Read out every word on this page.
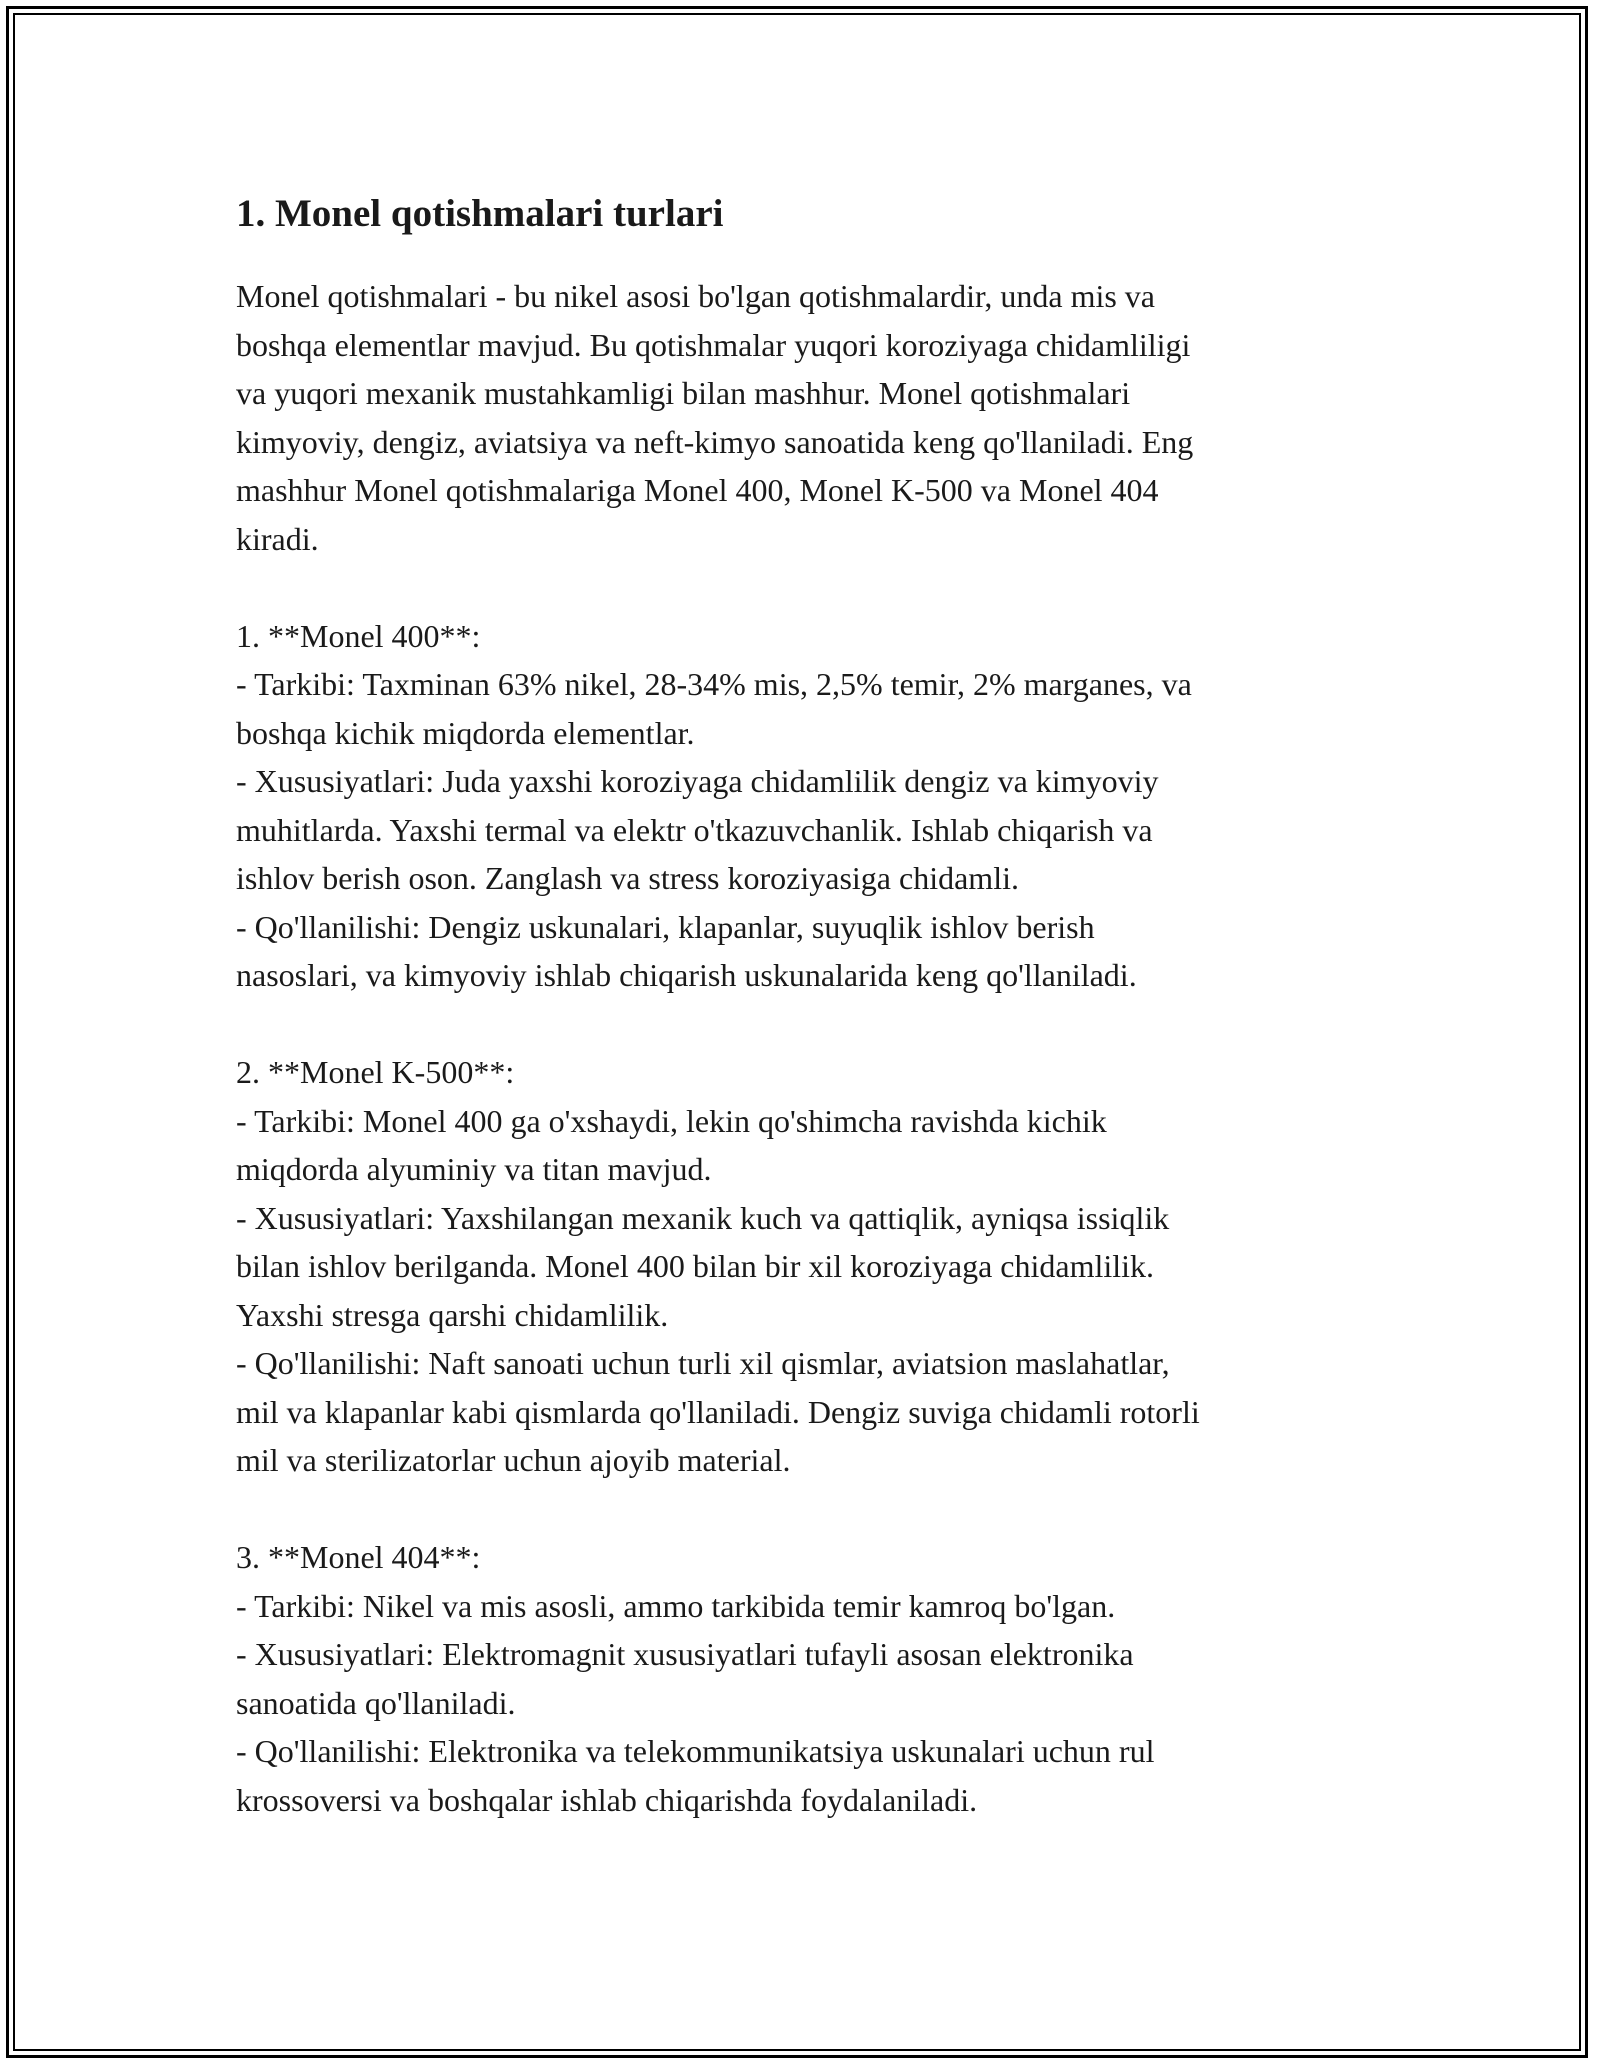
1. Monel qotishmalari turlari

Monel qotishmalari - bu nikel asosi bo'lgan qotishmalardir, unda mis va
boshqa elementlar mavjud. Bu qotishmalar yuqori koroziyaga chidamliligi
va yuqori mexanik mustahkamligi bilan mashhur. Monel qotishmalari
kimyoviy, dengiz, aviatsiya va neft-kimyo sanoatida keng qo'llaniladi. Eng
mashhur Monel qotishmalariga Monel 400, Monel K-500 va Monel 404
kiradi.

1. **Monel 400**:

- Tarkibi: Taxminan 63% nikel, 28-34% mis, 2,5% temir, 2% marganes, va
boshqa kichik miqdorda elementlar.

- Xususiyatlari: Juda yaxshi koroziyaga chidamlilik dengiz va kimyoviy
muhitlarda. Yaxshi termal va elektr o'tkazuvchanlik. Ishlab chiqarish va
ishlov berish oson. Zanglash va stress koroziyasiga chidamli.

- Qo'llanilishi: Dengiz uskunalari, klapanlar, suyuqlik ishlov berish
nasoslari, va kimyoviy ishlab chiqarish uskunalarida keng qo'llaniladi.

2. **Monel K-500**:

- Tarkibi: Monel 400 ga o'xshaydi, lekin qo'shimcha ravishda kichik
miqdorda alyuminiy va titan mavjud.

- Xususiyatlari: Yaxshilangan mexanik kuch va qattiqlik, ayniqsa issiqlik
bilan ishlov berilganda. Monel 400 bilan bir xil koroziyaga chidamlilik.
Yaxshi stresga qarshi chidamlilik.

- Qo'llanilishi: Naft sanoati uchun turli xil qismlar, aviatsion maslahatlar,
mil va klapanlar kabi qismlarda qo'llaniladi. Dengiz suviga chidamli rotorli
mil va sterilizatorlar uchun ajoyib material.

3. **Monel 404**:

- Tarkibi: Nikel va mis asosli, ammo tarkibida temir kamroq bo'lgan.

- Xususiyatlari: Elektromagnit xususiyatlari tufayli asosan elektronika
sanoatida qo'llaniladi.

- Qo'llanilishi: Elektronika va telekommunikatsiya uskunalari uchun rul
krossoversi va boshqalar ishlab chiqarishda foydalaniladi.
